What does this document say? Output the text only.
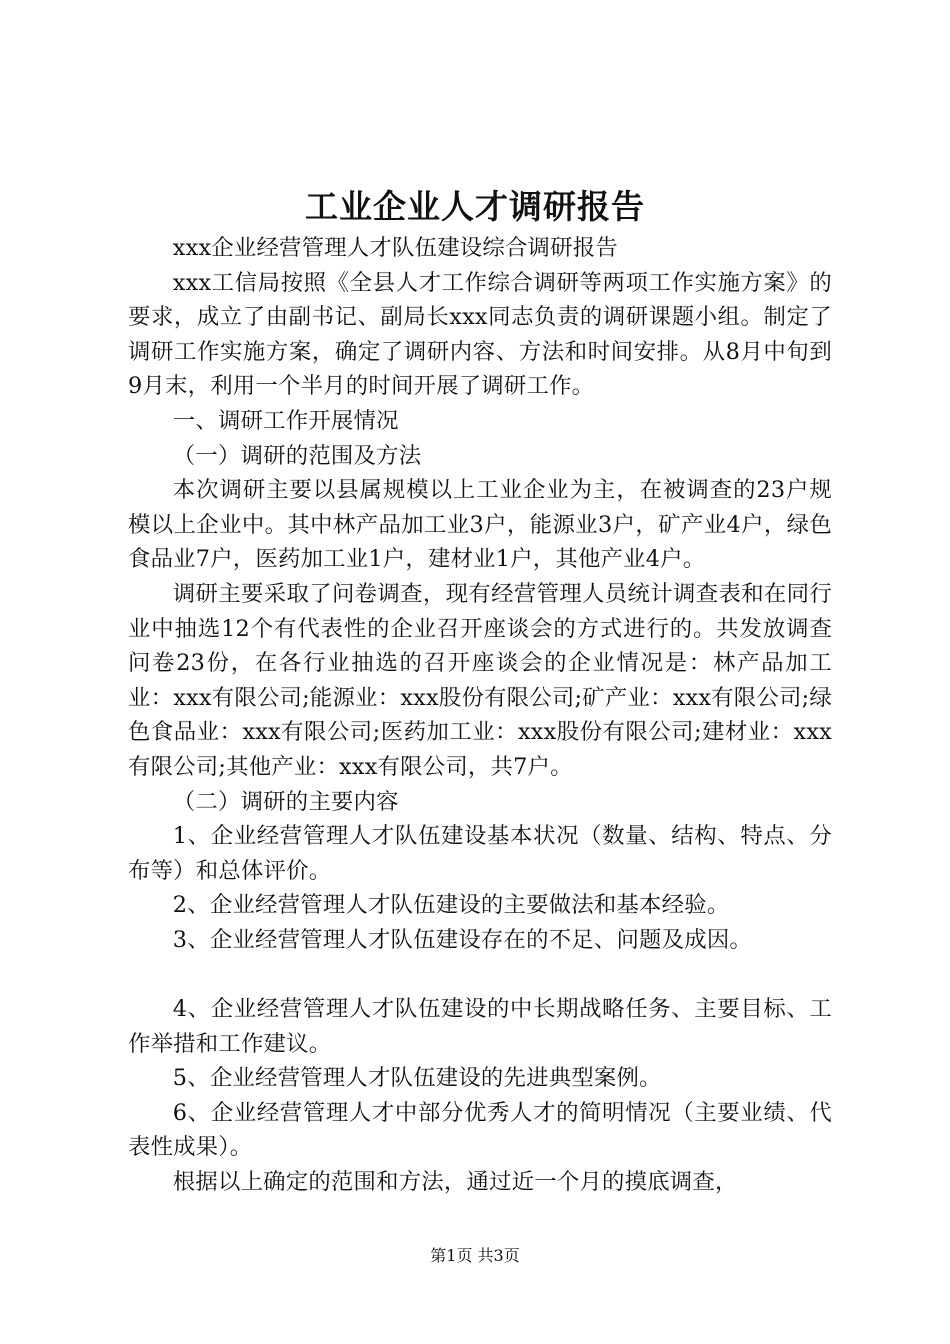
工业企业人才调研报告

xxx企业经营管理人才队伍建设综合调研报告

xxx工信局按照《全县人才工作综合调研等两项工作实施方案》的要求，成立了由副书记、副局长xxx同志负责的调研课题小组。制定了调研工作实施方案，确定了调研内容、方法和时间安排。从8月中旬到9月末，利用一个半月的时间开展了调研工作。

一、调研工作开展情况

（一）调研的范围及方法

本次调研主要以县属规模以上工业企业为主，在被调查的23户规模以上企业中。其中林产品加工业3户，能源业3户，矿产业4户，绿色食品业7户，医药加工业1户，建材业1户，其他产业4户。

调研主要采取了问卷调查，现有经营管理人员统计调查表和在同行业中抽选12个有代表性的企业召开座谈会的方式进行的。共发放调查问卷23份，在各行业抽选的召开座谈会的企业情况是：林产品加工业：xxx有限公司;能源业：xxx股份有限公司;矿产业：xxx有限公司;绿色食品业：xxx有限公司;医药加工业：xxx股份有限公司;建材业：xxx有限公司;其他产业：xxx有限公司，共7户。

（二）调研的主要内容

1、企业经营管理人才队伍建设基本状况（数量、结构、特点、分布等）和总体评价。

2、企业经营管理人才队伍建设的主要做法和基本经验。

3、企业经营管理人才队伍建设存在的不足、问题及成因。

4、企业经营管理人才队伍建设的中长期战略任务、主要目标、工作举措和工作建议。

5、企业经营管理人才队伍建设的先进典型案例。

6、企业经营管理人才中部分优秀人才的简明情况（主要业绩、代表性成果）。

根据以上确定的范围和方法，通过近一个月的摸底调查，

第1页 共3页
